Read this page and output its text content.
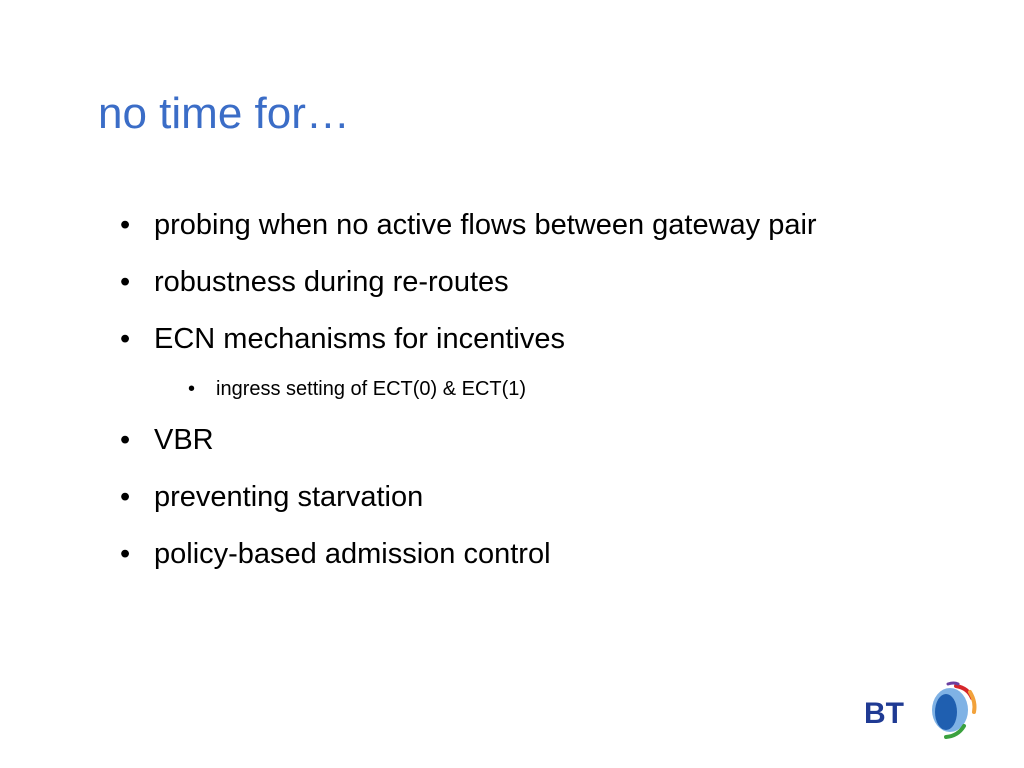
no time for…
• probing when no active flows between gateway pair
• robustness during re-routes
• ECN mechanisms for incentives
• ingress setting of ECT(0) & ECT(1)
• VBR
• preventing starvation
• policy-based admission control
BT
